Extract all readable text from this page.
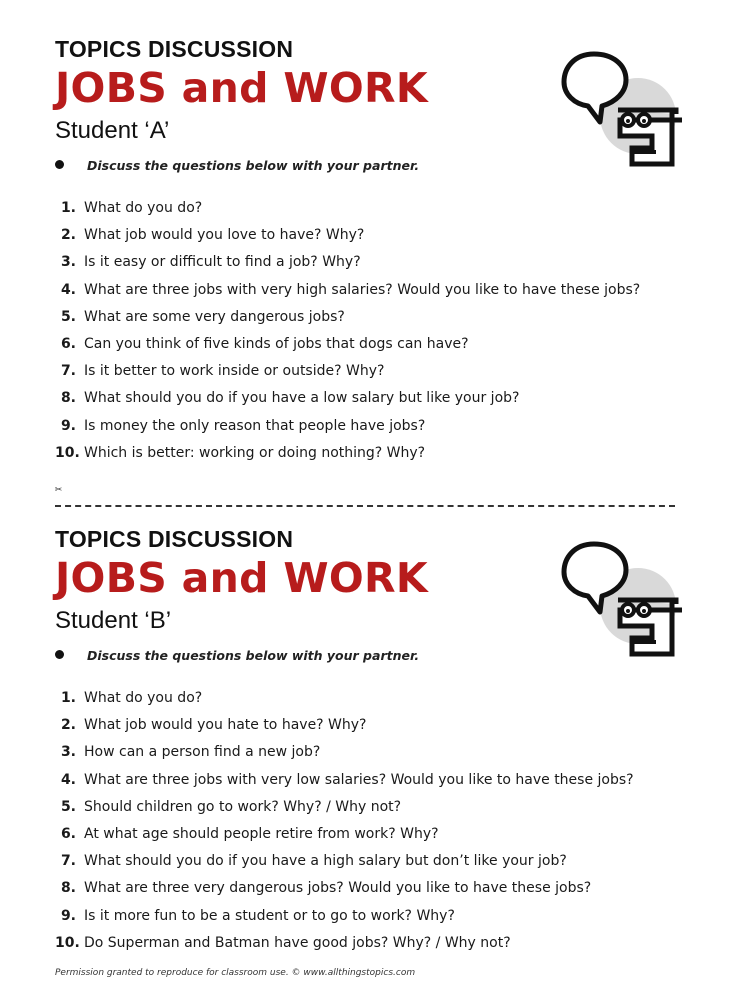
TOPICS DISCUSSION
JOBS and WORK
Student ‘A’
Discuss the questions below with your partner.
1. What do you do?
2. What job would you love to have? Why?
3. Is it easy or difficult to find a job? Why?
4. What are three jobs with very high salaries? Would you like to have these jobs?
5. What are some very dangerous jobs?
6. Can you think of five kinds of jobs that dogs can have?
7. Is it better to work inside or outside? Why?
8. What should you do if you have a low salary but like your job?
9. Is money the only reason that people have jobs?
10. Which is better: working or doing nothing? Why?
✂
TOPICS DISCUSSION
JOBS and WORK
Student ‘B’
Discuss the questions below with your partner.
1. What do you do?
2. What job would you hate to have? Why?
3. How can a person find a new job?
4. What are three jobs with very low salaries? Would you like to have these jobs?
5. Should children go to work? Why? / Why not?
6. At what age should people retire from work? Why?
7. What should you do if you have a high salary but don’t like your job?
8. What are three very dangerous jobs? Would you like to have these jobs?
9. Is it more fun to be a student or to go to work? Why?
10. Do Superman and Batman have good jobs? Why? / Why not?
Permission granted to reproduce for classroom use. © www.allthingstopics.com
